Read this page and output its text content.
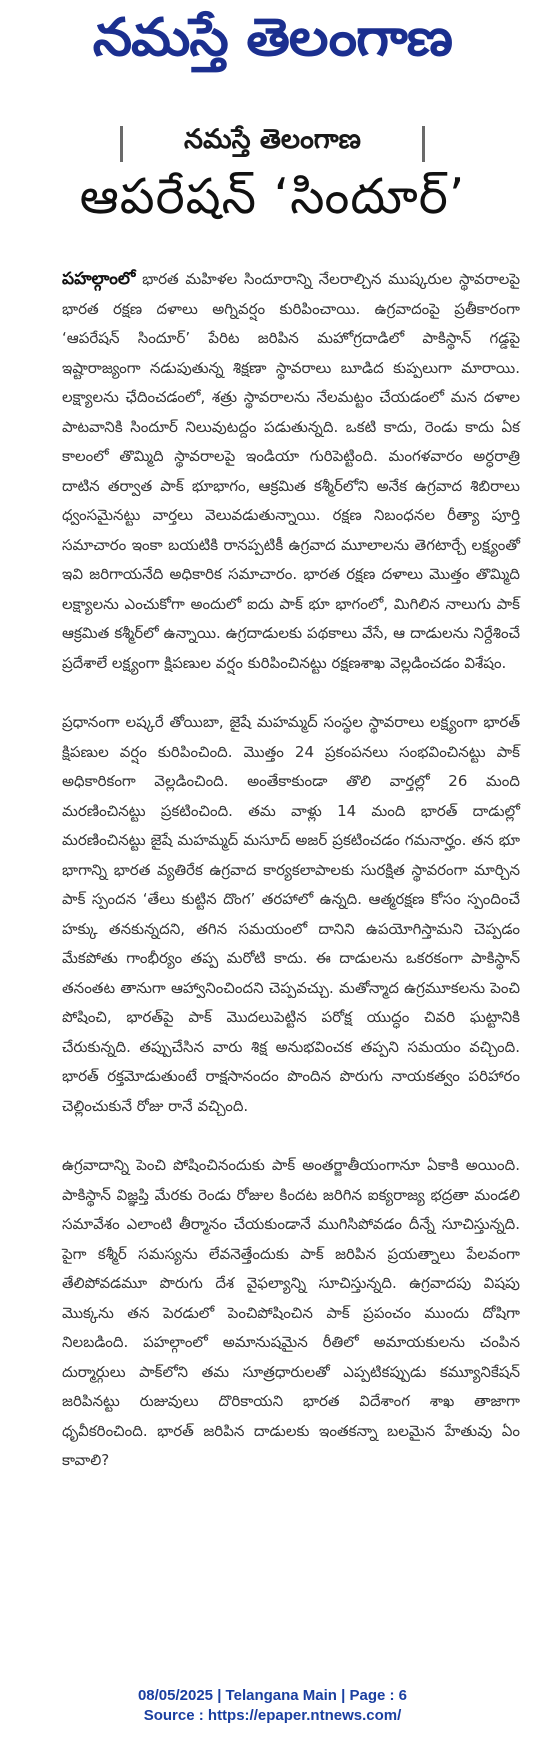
నమస్తే తెలంగాణ
నమస్తే తెలంగాణ
ఆపరేషన్ ‘సిందూర్’

పహల్గాంలో భారత మహిళల సిందూరాన్ని నేలరాల్చిన ముష్కరుల స్థావరాలపై భారత రక్షణ దళాలు అగ్నివర్షం కురిపించాయి. ఉగ్రవాదంపై ప్రతీకారంగా ‘ఆపరేషన్ సిందూర్’ పేరిట జరిపిన మహోగ్రదాడిలో పాకిస్థాన్ గడ్డపై ఇష్టారాజ్యంగా నడుపుతున్న శిక్షణా స్థావరాలు బూడిద కుప్పలుగా మారాయి. లక్ష్యాలను ఛేదించడంలో, శత్రు స్థావరాలను నేలమట్టం చేయడంలో మన దళాల పాటవానికి సిందూర్ నిలువుటద్దం పడుతున్నది. ఒకటి కాదు, రెండు కాదు ఏక కాలంలో తొమ్మిది స్థావరాలపై ఇండియా గురిపెట్టింది. మంగళవారం అర్ధరాత్రి దాటిన తర్వాత పాక్ భూభాగం, ఆక్రమిత కశ్మీర్‌లోని అనేక ఉగ్రవాద శిబిరాలు ధ్వంసమైనట్టు వార్తలు వెలువడుతున్నాయి. రక్షణ నిబంధనల రీత్యా పూర్తి సమాచారం ఇంకా బయటికి రానప్పటికీ ఉగ్రవాద మూలాలను తెగటార్చే లక్ష్యంతో ఇవి జరిగాయనేది అధికారిక సమాచారం. భారత రక్షణ దళాలు మొత్తం తొమ్మిది లక్ష్యాలను ఎంచుకోగా అందులో ఐదు పాక్ భూ భాగంలో, మిగిలిన నాలుగు పాక్ ఆక్రమిత కశ్మీర్‌లో ఉన్నాయి. ఉగ్రదాడులకు పథకాలు వేసే, ఆ దాడులను నిర్దేశించే ప్రదేశాలే లక్ష్యంగా క్షిపణుల వర్షం కురిపించినట్టు రక్షణశాఖ వెల్లడించడం విశేషం.

ప్రధానంగా లష్కరే తోయిబా, జైషే మహమ్మద్ సంస్థల స్థావరాలు లక్ష్యంగా భారత్ క్షిపణుల వర్షం కురిపించింది. మొత్తం 24 ప్రకంపనలు సంభవించినట్టు పాక్ అధికారికంగా వెల్లడించింది. అంతేకాకుండా తొలి వార్తల్లో 26 మంది మరణించినట్టు ప్రకటించింది. తమ వాళ్లు 14 మంది భారత్ దాడుల్లో మరణించినట్టు జైషే మహమ్మద్ మసూద్ అజర్ ప్రకటించడం గమనార్హం. తన భూ భాగాన్ని భారత వ్యతిరేక ఉగ్రవాద కార్యకలాపాలకు సురక్షిత స్థావరంగా మార్చిన పాక్ స్పందన ‘తేలు కుట్టిన దొంగ’ తరహాలో ఉన్నది. ఆత్మరక్షణ కోసం స్పందించే హక్కు తనకున్నదని, తగిన సమయంలో దానిని ఉపయోగిస్తామని చెప్పడం మేకపోతు గాంభీర్యం తప్ప మరోటి కాదు. ఈ దాడులను ఒకరకంగా పాకిస్థాన్ తనంతట తానుగా ఆహ్వానించిందని చెప్పవచ్చు. మతోన్మాద ఉగ్రమూకలను పెంచి పోషించి, భారత్‌పై పాక్ మొదలుపెట్టిన పరోక్ష యుద్ధం చివరి ఘట్టానికి చేరుకున్నది. తప్పుచేసిన వారు శిక్ష అనుభవించక తప్పని సమయం వచ్చింది. భారత్ రక్తమోడుతుంటే రాక్షసానందం పొందిన పొరుగు నాయకత్వం పరిహారం చెల్లించుకునే రోజు రానే వచ్చింది.

ఉగ్రవాదాన్ని పెంచి పోషించినందుకు పాక్ అంతర్జాతీయంగానూ ఏకాకి అయింది. పాకిస్థాన్ విజ్ఞప్తి మేరకు రెండు రోజుల కిందట జరిగిన ఐక్యరాజ్య భద్రతా మండలి సమావేశం ఎలాంటి తీర్మానం చేయకుండానే ముగిసిపోవడం దీన్నే సూచిస్తున్నది. పైగా కశ్మీర్ సమస్యను లేవనెత్తేందుకు పాక్ జరిపిన ప్రయత్నాలు పేలవంగా తేలిపోవడమూ పొరుగు దేశ వైఫల్యాన్ని సూచిస్తున్నది. ఉగ్రవాదపు విషపు మొక్కను తన పెరడులో పెంచిపోషించిన పాక్ ప్రపంచం ముందు దోషిగా నిలబడింది. పహల్గాంలో అమానుషమైన రీతిలో అమాయకులను చంపిన దుర్మార్గులు పాక్‌లోని తమ సూత్రధారులతో ఎప్పటికప్పుడు కమ్యూనికేషన్ జరిపినట్టు రుజువులు దొరికాయని భారత విదేశాంగ శాఖ తాజాగా ధృవీకరించింది. భారత్ జరిపిన దాడులకు ఇంతకన్నా బలమైన హేతువు ఏం కావాలి?

08/05/2025 | Telangana Main | Page : 6
Source : https://epaper.ntnews.com/
